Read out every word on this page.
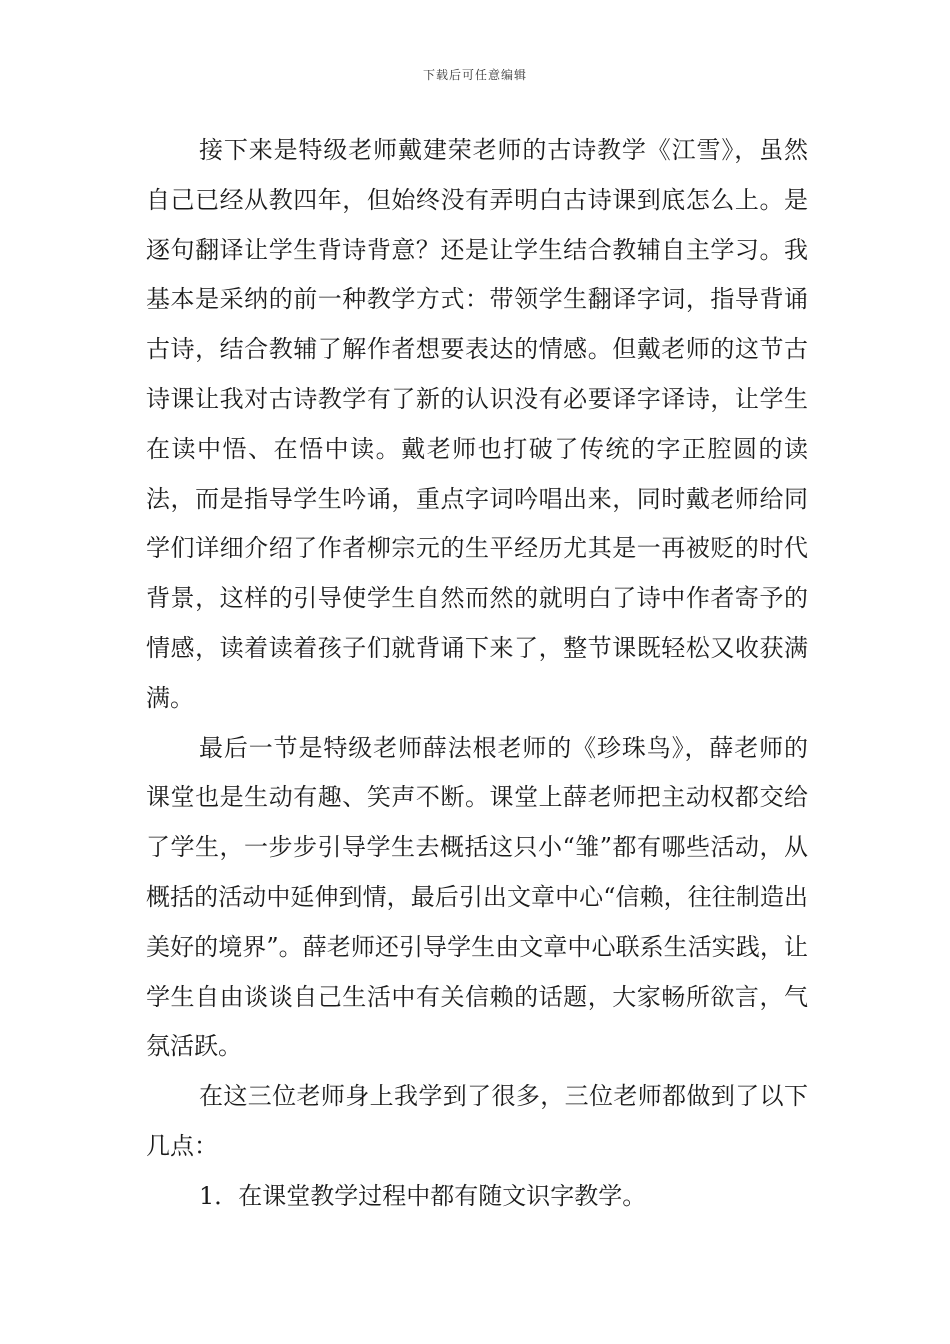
下载后可任意编辑

接下来是特级老师戴建荣老师的古诗教学《江雪》，虽然自己已经从教四年，但始终没有弄明白古诗课到底怎么上。是逐句翻译让学生背诗背意？还是让学生结合教辅自主学习。我基本是采纳的前一种教学方式：带领学生翻译字词，指导背诵古诗，结合教辅了解作者想要表达的情感。但戴老师的这节古诗课让我对古诗教学有了新的认识没有必要译字译诗，让学生在读中悟、在悟中读。戴老师也打破了传统的字正腔圆的读法，而是指导学生吟诵，重点字词吟唱出来，同时戴老师给同学们详细介绍了作者柳宗元的生平经历尤其是一再被贬的时代背景，这样的引导使学生自然而然的就明白了诗中作者寄予的情感，读着读着孩子们就背诵下来了，整节课既轻松又收获满满。

最后一节是特级老师薛法根老师的《珍珠鸟》，薛老师的课堂也是生动有趣、笑声不断。课堂上薛老师把主动权都交给了学生，一步步引导学生去概括这只小“雏”都有哪些活动，从概括的活动中延伸到情，最后引出文章中心“信赖，往往制造出美好的境界”。薛老师还引导学生由文章中心联系生活实践，让学生自由谈谈自己生活中有关信赖的话题，大家畅所欲言，气氛活跃。

在这三位老师身上我学到了很多，三位老师都做到了以下几点：

1．在课堂教学过程中都有随文识字教学。
